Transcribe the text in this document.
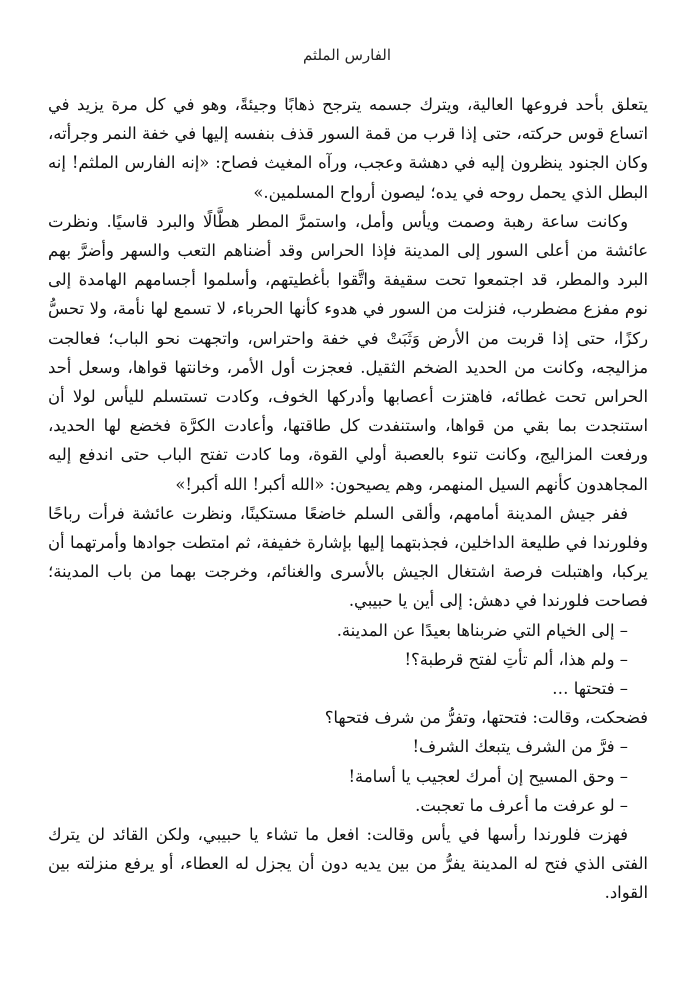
الفارس الملثم

يتعلق بأحد فروعها العالية، ويترك جسمه يترجح ذهابًا وجيئةً، وهو في كل مرة يزيد في اتساع قوس حركته، حتى إذا قرب من قمة السور قذف بنفسه إليها في خفة النمر وجرأته، وكان الجنود ينظرون إليه في دهشة وعجب، ورآه المغيث فصاح: «إنه الفارس الملثم! إنه البطل الذي يحمل روحه في يده؛ ليصون أرواح المسلمين.»

وكانت ساعة رهبة وصمت ويأس وأمل، واستمرَّ المطر هطَّالًا والبرد قاسيًا. ونظرت عائشة من أعلى السور إلى المدينة فإذا الحراس وقد أضناهم التعب والسهر وأضرَّ بهم البرد والمطر، قد اجتمعوا تحت سقيفة واتَّقوا بأغطيتهم، وأسلموا أجسامهم الهامدة إلى نوم مفزع مضطرب، فنزلت من السور في هدوء كأنها الحرباء، لا تسمع لها نأمة، ولا تحسُّ ركزًا، حتى إذا قربت من الأرض وَثَبَتْ في خفة واحتراس، واتجهت نحو الباب؛ فعالجت مزاليجه، وكانت من الحديد الضخم الثقيل. فعجزت أول الأمر، وخانتها قواها، وسعل أحد الحراس تحت غطائه، فاهتزت أعصابها وأدركها الخوف، وكادت تستسلم لليأس لولا أن استنجدت بما بقي من قواها، واستنفدت كل طاقتها، وأعادت الكرَّة فخضع لها الحديد، ورفعت المزاليج، وكانت تنوء بالعصبة أولي القوة، وما كادت تفتح الباب حتى اندفع إليه المجاهدون كأنهم السيل المنهمر، وهم يصيحون: «الله أكبر! الله أكبر!»

ففر جيش المدينة أمامهم، وألقى السلم خاضعًا مستكينًا، ونظرت عائشة فرأت رباحًا وفلورندا في طليعة الداخلين، فجذبتهما إليها بإشارة خفيفة، ثم امتطت جوادها وأمرتهما أن يركبا، واهتبلت فرصة اشتغال الجيش بالأسرى والغنائم، وخرجت بهما من باب المدينة؛ فصاحت فلورندا في دهش: إلى أين يا حبيبي.

– إلى الخيام التي ضربناها بعيدًا عن المدينة.

– ولم هذا، ألم تأتِ لفتح قرطبة؟!

– فتحتها …

فضحكت، وقالت: فتحتها، وتفرُّ من شرف فتحها؟

– فرَّ من الشرف يتبعك الشرف!

– وحق المسيح إن أمرك لعجيب يا أسامة!

– لو عرفت ما أعرف ما تعجبت.

فهزت فلورندا رأسها في يأس وقالت: افعل ما تشاء يا حبيبي، ولكن القائد لن يترك الفتى الذي فتح له المدينة يفرُّ من بين يديه دون أن يجزل له العطاء، أو يرفع منزلته بين القواد.
